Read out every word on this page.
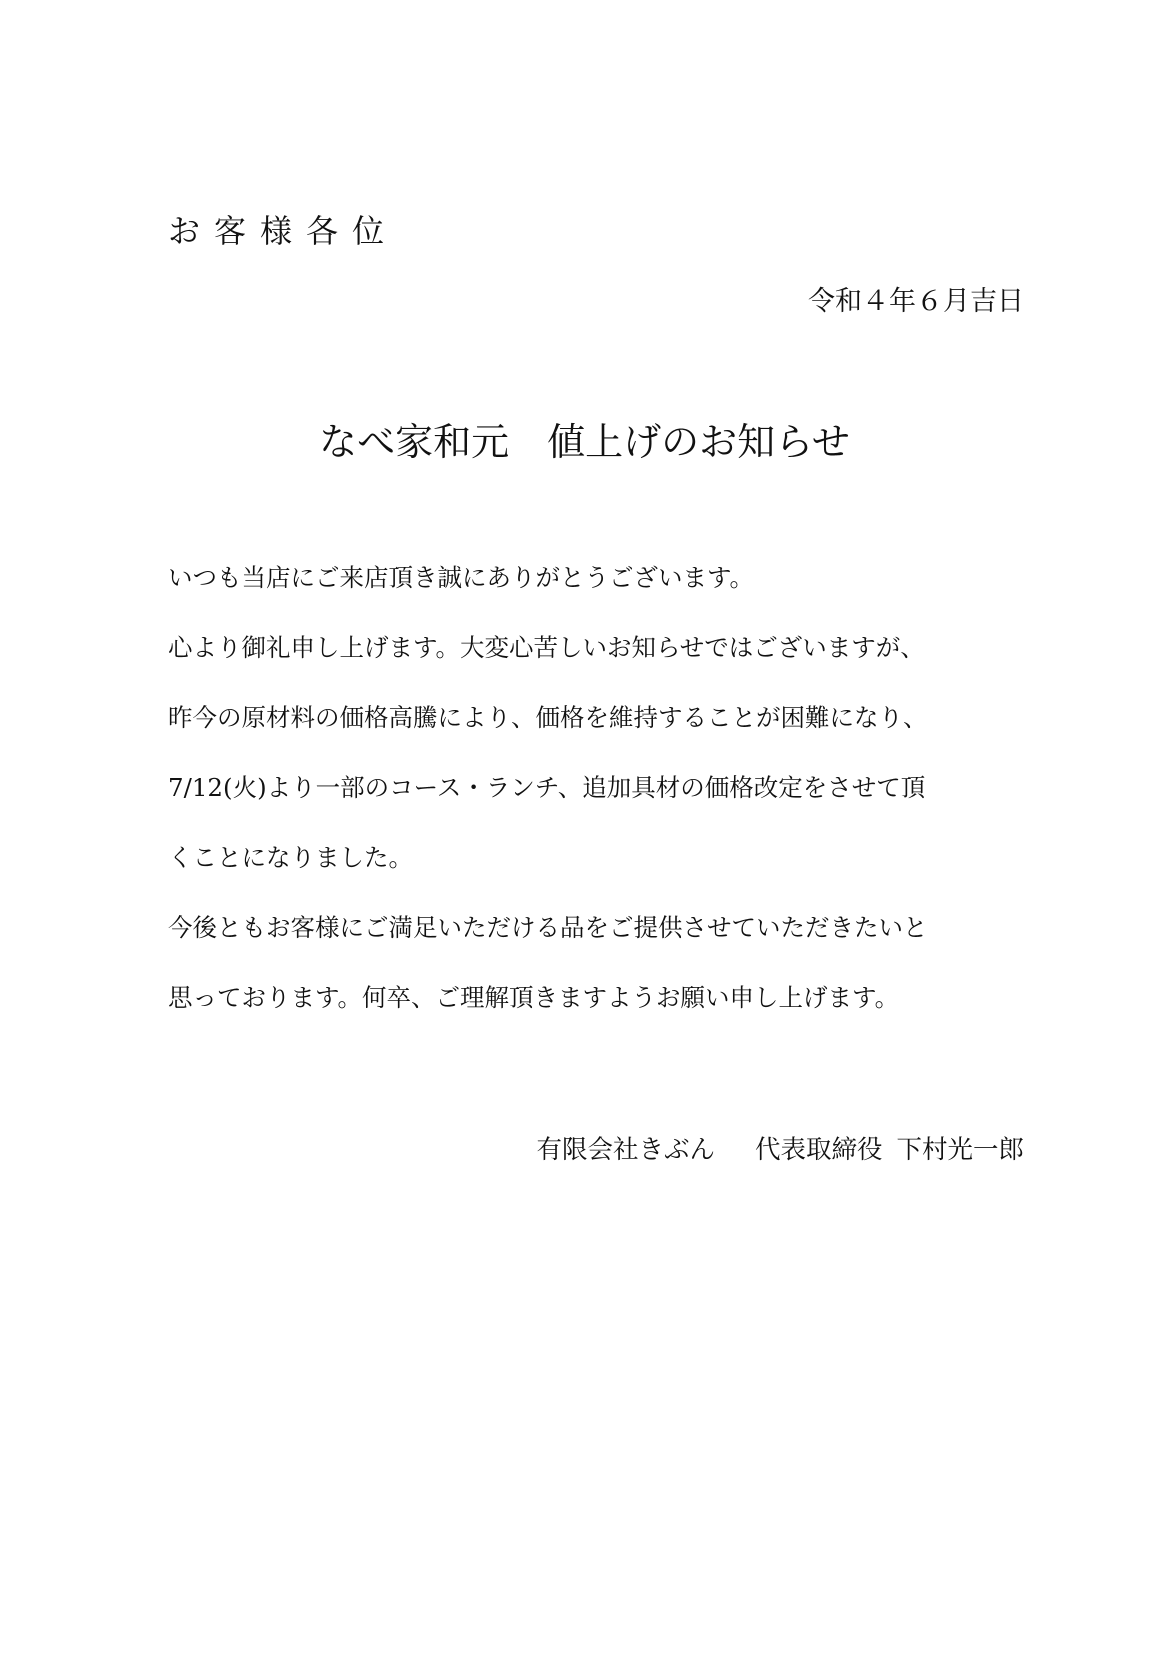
お客様各位
令和４年６月吉日
なべ家和元　値上げのお知らせ
いつも当店にご来店頂き誠にありがとうございます。
心より御礼申し上げます。大変心苦しいお知らせではございますが、
昨今の原材料の価格高騰により、価格を維持することが困難になり、
7/12(火)より一部のコース・ランチ、追加具材の価格改定をさせて頂
くことになりました。
今後ともお客様にご満足いただける品をご提供させていただきたいと
思っております。何卒、ご理解頂きますようお願い申し上げます。
有限会社きぶん 代表取締役 下村光一郎
